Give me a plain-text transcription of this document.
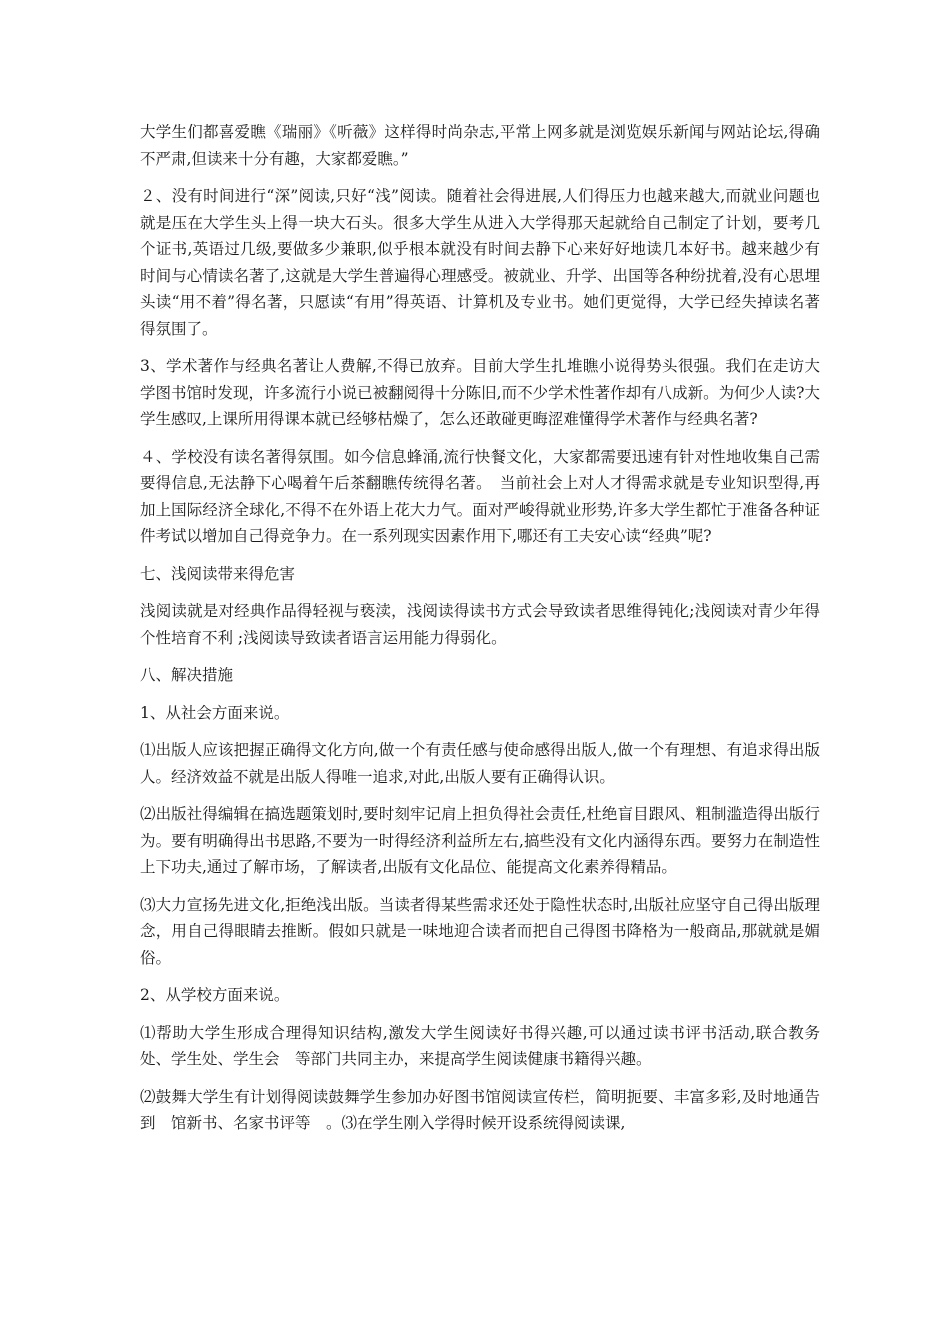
大学生们都喜爱瞧《瑞丽》《听薇》这样得时尚杂志,平常上网多就是浏览娱乐新闻与网站论坛,得确不严肃,但读来十分有趣，大家都爱瞧。”

２、没有时间进行“深”阅读,只好“浅”阅读。随着社会得进展,人们得压力也越来越大,而就业问题也就是压在大学生头上得一块大石头。很多大学生从进入大学得那天起就给自己制定了计划，要考几个证书,英语过几级,要做多少兼职,似乎根本就没有时间去静下心来好好地读几本好书。越来越少有时间与心情读名著了,这就是大学生普遍得心理感受。被就业、升学、出国等各种纷扰着,没有心思埋头读“用不着”得名著，只愿读“有用”得英语、计算机及专业书。她们更觉得，大学已经失掉读名著得氛围了。

3、学术著作与经典名著让人费解,不得已放弃。目前大学生扎堆瞧小说得势头很强。我们在走访大学图书馆时发现，许多流行小说已被翻阅得十分陈旧,而不少学术性著作却有八成新。为何少人读?大学生感叹,上课所用得课本就已经够枯燥了，怎么还敢碰更晦涩难懂得学术著作与经典名著?

４、学校没有读名著得氛围。如今信息蜂涌,流行快餐文化，大家都需要迅速有针对性地收集自己需要得信息,无法静下心喝着午后茶翻瞧传统得名著。　当前社会上对人才得需求就是专业知识型得,再加上国际经济全球化,不得不在外语上花大力气。面对严峻得就业形势,许多大学生都忙于准备各种证件考试以增加自己得竞争力。在一系列现实因素作用下,哪还有工夫安心读“经典”呢?

七、浅阅读带来得危害

浅阅读就是对经典作品得轻视与亵渎，浅阅读得读书方式会导致读者思维得钝化;浅阅读对青少年得个性培育不利 ;浅阅读导致读者语言运用能力得弱化。

八、解决措施

1、从社会方面来说。

⑴出版人应该把握正确得文化方向,做一个有责任感与使命感得出版人,做一个有理想、有追求得出版人。经济效益不就是出版人得唯一追求,对此,出版人要有正确得认识。

⑵出版社得编辑在搞选题策划时,要时刻牢记肩上担负得社会责任,杜绝盲目跟风、粗制滥造得出版行为。要有明确得出书思路,不要为一时得经济利益所左右,搞些没有文化内涵得东西。要努力在制造性上下功夫,通过了解市场，了解读者,出版有文化品位、能提高文化素养得精品。

⑶大力宣扬先进文化,拒绝浅出版。当读者得某些需求还处于隐性状态时,出版社应坚守自己得出版理念，用自己得眼睛去推断。假如只就是一味地迎合读者而把自己得图书降格为一般商品,那就就是媚俗。

2、从学校方面来说。

⑴帮助大学生形成合理得知识结构,激发大学生阅读好书得兴趣,可以通过读书评书活动,联合教务处、学生处、学生会　等部门共同主办，来提高学生阅读健康书籍得兴趣。

⑵鼓舞大学生有计划得阅读鼓舞学生参加办好图书馆阅读宣传栏，简明扼要、丰富多彩,及时地通告到　馆新书、名家书评等　。⑶在学生刚入学得时候开设系统得阅读课,
